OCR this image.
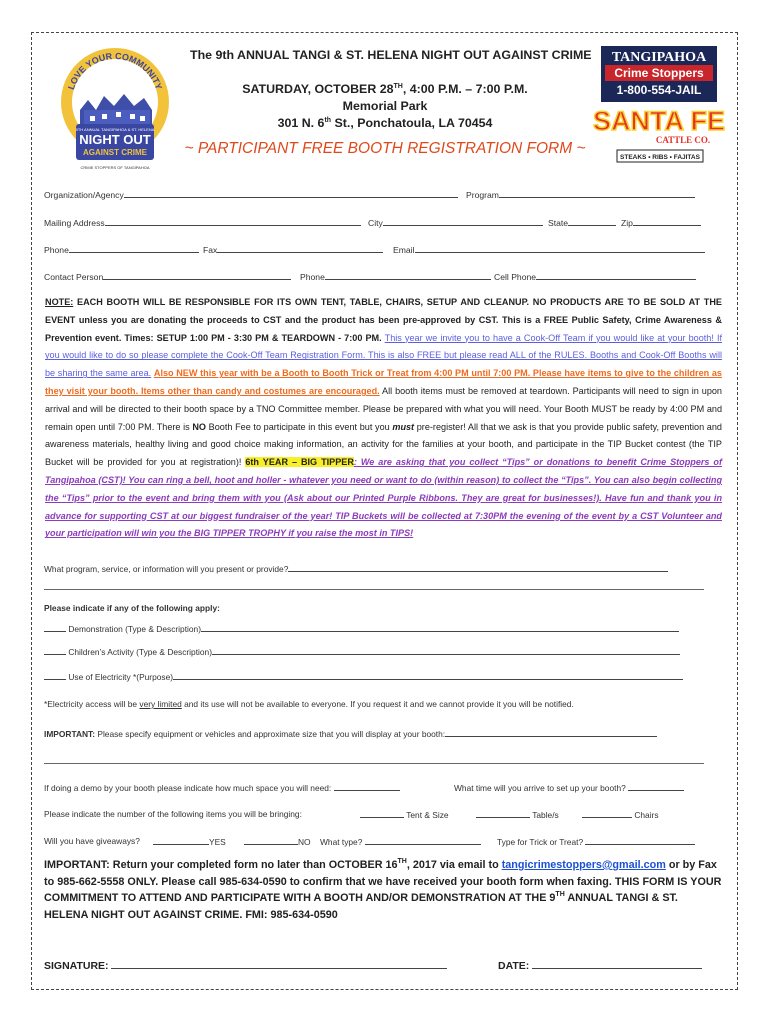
LOVE YOUR COMMUNITY
9TH ANNUAL TANGIPAHOA & ST. HELENA
NIGHT OUT
AGAINST CRIME
CRIME STOPPERS OF TANGIPAHOA
TANGIPAHOA
Crime Stoppers
1-800-554-JAIL
SANTA FE
CATTLE CO.
STEAKS • RIBS • FAJITAS
The 9th ANNUAL TANGI & ST. HELENA NIGHT OUT AGAINST CRIME
SATURDAY, OCTOBER 28TH, 4:00 P.M. – 7:00 P.M.
Memorial Park
301 N. 6th St., Ponchatoula, LA 70454
~ PARTICIPANT FREE BOOTH REGISTRATION FORM ~
Organization/Agency	Program
Mailing Address	City	State	Zip
Phone	Fax	Email
Contact Person	Phone	Cell Phone
NOTE: EACH BOOTH WILL BE RESPONSIBLE FOR ITS OWN TENT, TABLE, CHAIRS, SETUP AND CLEANUP. NO PRODUCTS ARE TO BE SOLD AT THE EVENT unless you are donating the proceeds to CST and the product has been pre-approved by CST. This is a FREE Public Safety, Crime Awareness & Prevention event. Times: SETUP 1:00 PM - 3:30 PM & TEARDOWN - 7:00 PM. This year we invite you to have a Cook-Off Team if you would like at your booth! If you would like to do so please complete the Cook-Off Team Registration Form. This is also FREE but please read ALL of the RULES. Booths and Cook-Off Booths will be sharing the same area. Also NEW this year with be a Booth to Booth Trick or Treat from 4:00 PM until 7:00 PM. Please have items to give to the children as they visit your booth. Items other than candy and costumes are encouraged. All booth items must be removed at teardown. Participants will need to sign in upon arrival and will be directed to their booth space by a TNO Committee member. Please be prepared with what you will need. Your Booth MUST be ready by 4:00 PM and remain open until 7:00 PM. There is NO Booth Fee to participate in this event but you must pre-register! All that we ask is that you provide public safety, prevention and awareness materials, healthy living and good choice making information, an activity for the families at your booth, and participate in the TIP Bucket contest (the TIP Bucket will be provided for you at registration)! 6th YEAR – BIG TIPPER: We are asking that you collect “Tips” or donations to benefit Crime Stoppers of Tangipahoa (CST)! You can ring a bell, hoot and holler - whatever you need or want to do (within reason) to collect the “Tips”. You can also begin collecting the “Tips” prior to the event and bring them with you (Ask about our Printed Purple Ribbons. They are great for businesses!). Have fun and thank you in advance for supporting CST at our biggest fundraiser of the year! TIP Buckets will be collected at 7:30PM the evening of the event by a CST Volunteer and your participation will win you the BIG TIPPER TROPHY if you raise the most in TIPS!
What program, service, or information will you present or provide?
Please indicate if any of the following apply:
Demonstration (Type & Description)
Children’s Activity (Type & Description)
Use of Electricity *(Purpose)
*Electricity access will be very limited and its use will not be available to everyone. If you request it and we cannot provide it you will be notified.
IMPORTANT: Please specify equipment or vehicles and approximate size that you will display at your booth:
If doing a demo by your booth please indicate how much space you will need:	What time will you arrive to set up your booth?
Please indicate the number of the following items you will be bringing:	Tent & Size	Table/s	Chairs
Will you have giveaways?	YES	NO What type?	Type for Trick or Treat?
IMPORTANT: Return your completed form no later than OCTOBER 16TH, 2017 via email to tangicrimestoppers@gmail.com or by Fax to 985-662-5558 ONLY. Please call 985-634-0590 to confirm that we have received your booth form when faxing. THIS FORM IS YOUR COMMITMENT TO ATTEND AND PARTICIPATE WITH A BOOTH AND/OR DEMONSTRATION AT THE 9TH ANNUAL TANGI & ST. HELENA NIGHT OUT AGAINST CRIME. FMI: 985-634-0590
SIGNATURE:	DATE:
